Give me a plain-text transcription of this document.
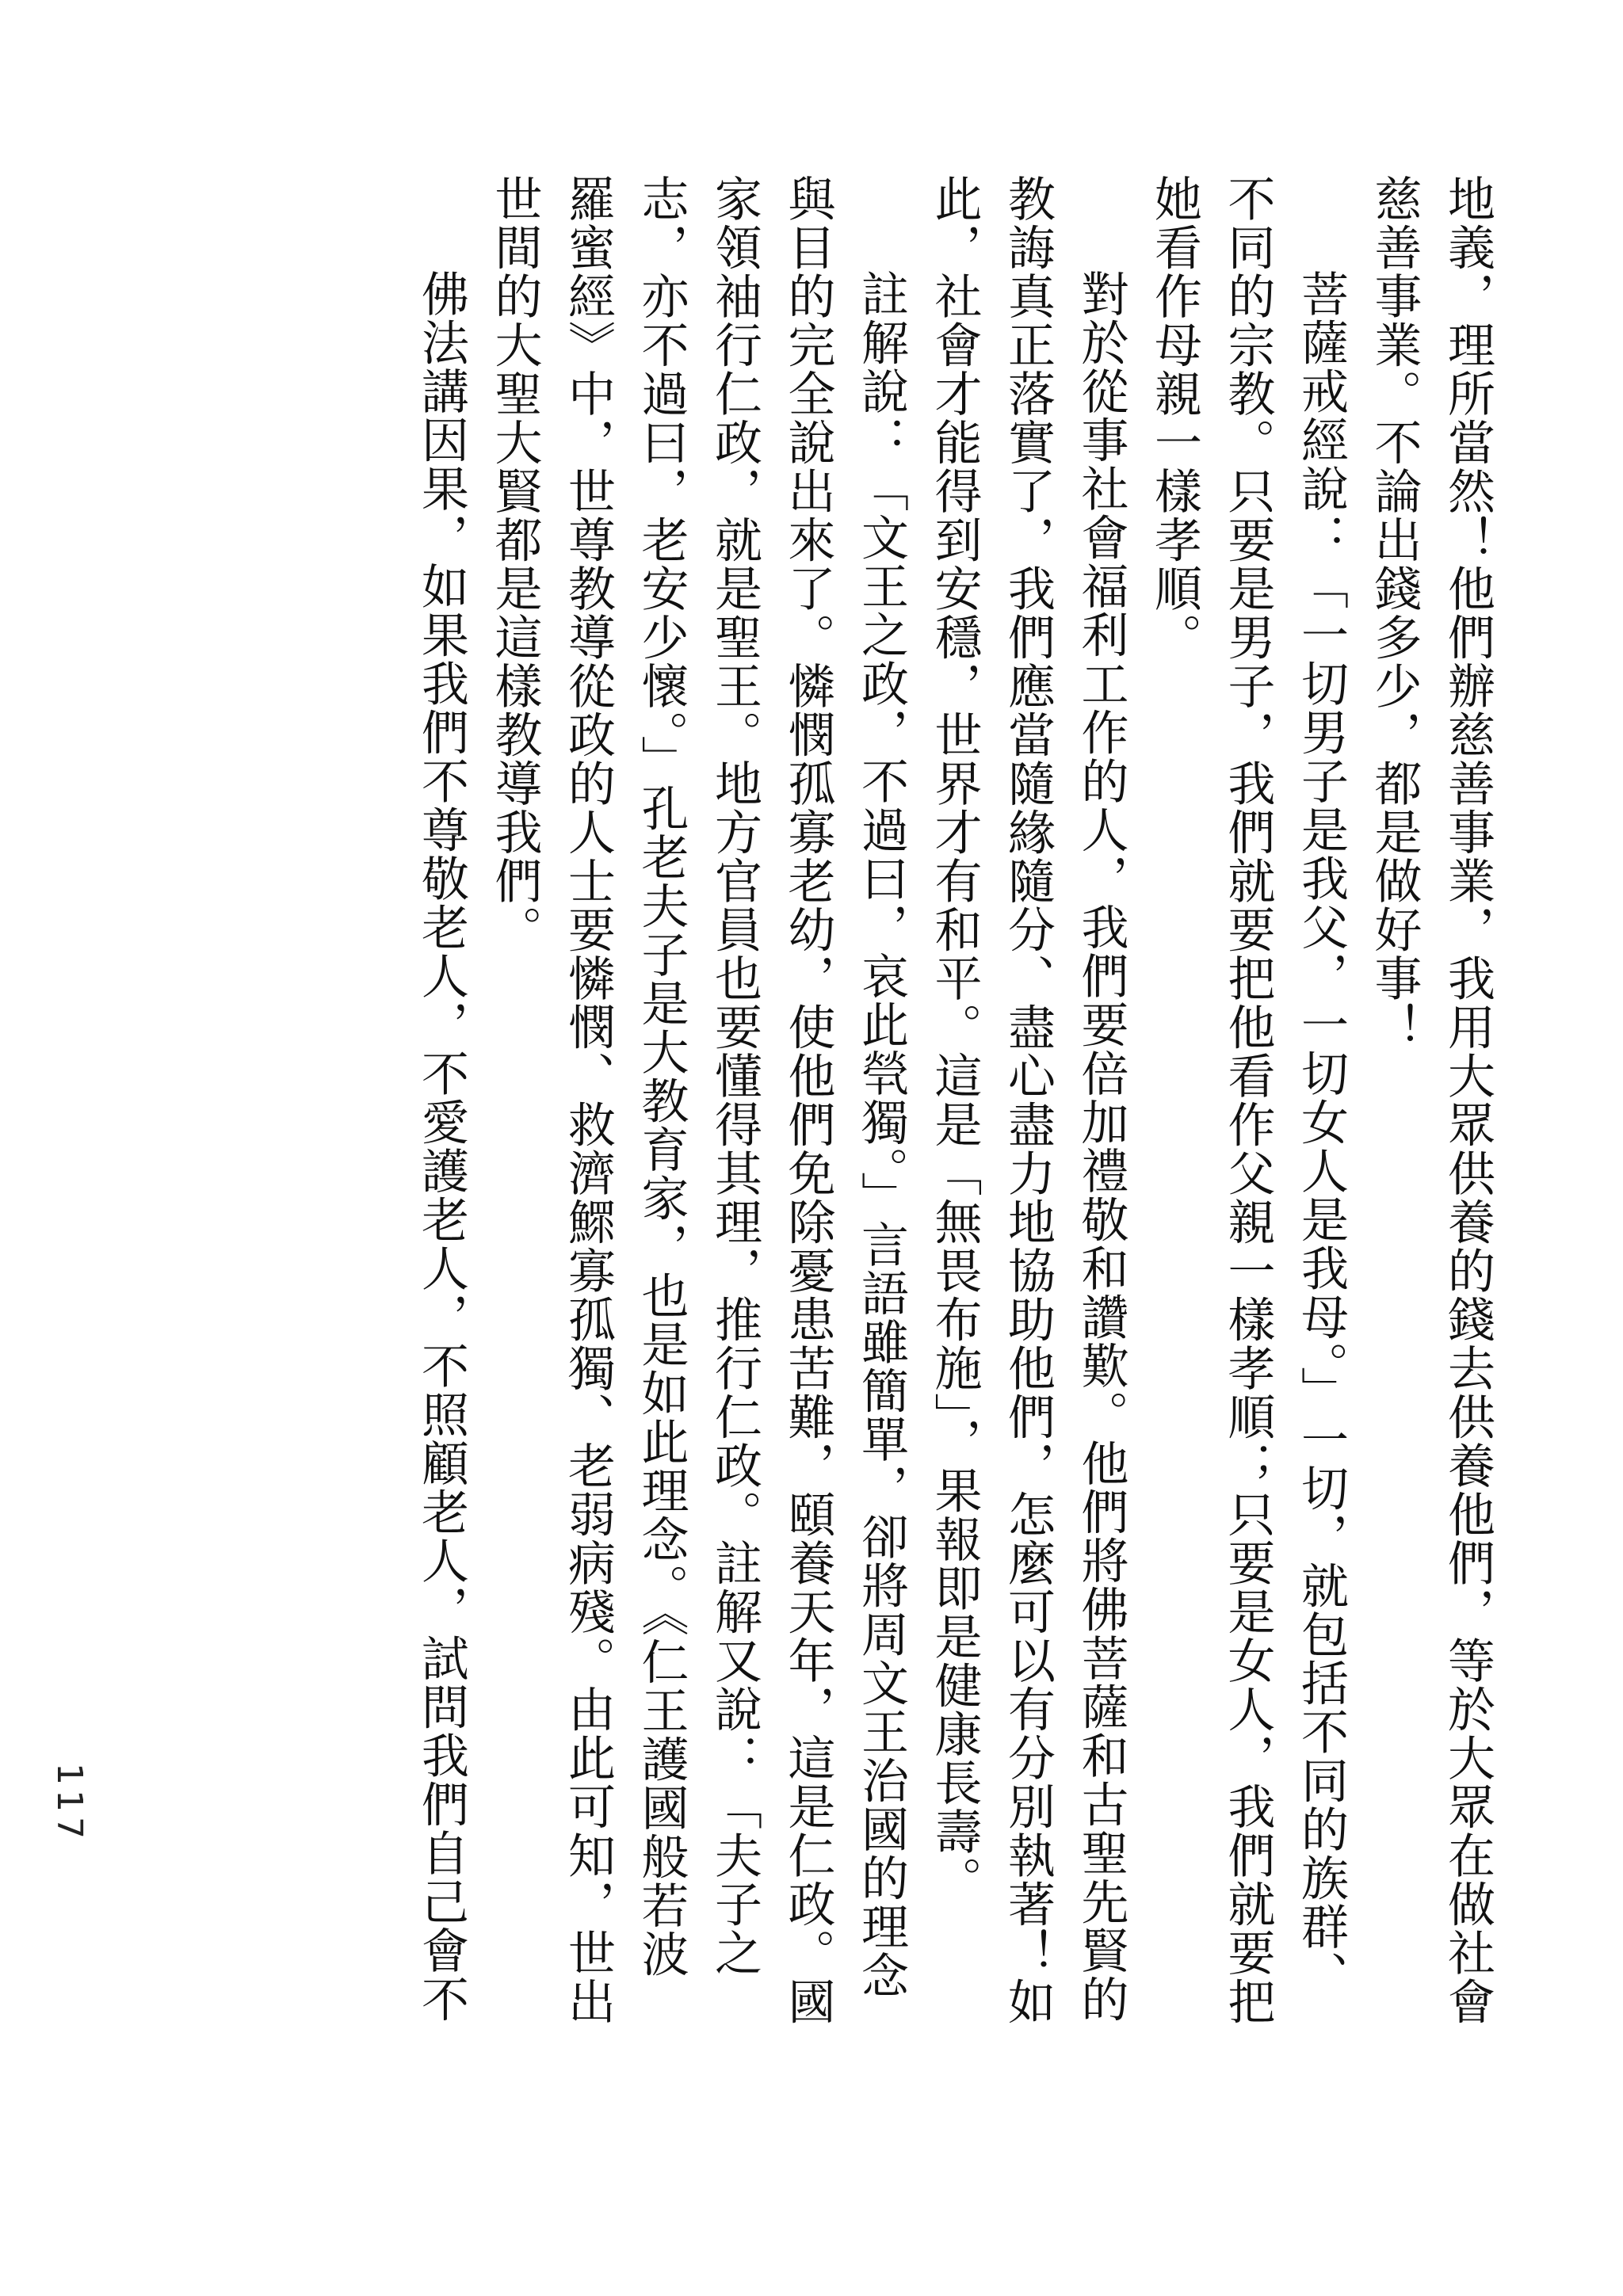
地義，理所當然！他們辦慈善事業，我用大眾供養的錢去供養他們，等於大眾在做社會
慈善事業。不論出錢多少，都是做好事！

菩薩戒經說：「一切男子是我父，一切女人是我母。」一切，就包括不同的族群、
不同的宗教。只要是男子，我們就要把他看作父親一樣孝順；只要是女人，我們就要把
她看作母親一樣孝順。

對於從事社會福利工作的人，我們要倍加禮敬和讚歎。他們將佛菩薩和古聖先賢的
教誨真正落實了，我們應當隨緣隨分、盡心盡力地協助他們，怎麼可以有分別執著！如
此，社會才能得到安穩，世界才有和平。這是「無畏布施」，果報即是健康長壽。

註解說：「文王之政，不過曰，哀此煢獨。」言語雖簡單，卻將周文王治國的理念
與目的完全說出來了。憐憫孤寡老幼，使他們免除憂患苦難，頤養天年，這是仁政。國
家領袖行仁政，就是聖王。地方官員也要懂得其理，推行仁政。註解又說：「夫子之
志，亦不過曰，老安少懷。」孔老夫子是大教育家，也是如此理念。《仁王護國般若波
羅蜜經》中，世尊教導從政的人士要憐憫、救濟鰥寡孤獨、老弱病殘。由此可知，世出
世間的大聖大賢都是這樣教導我們。

佛法講因果，如果我們不尊敬老人，不愛護老人，不照顧老人，試問我們自己會不

117
